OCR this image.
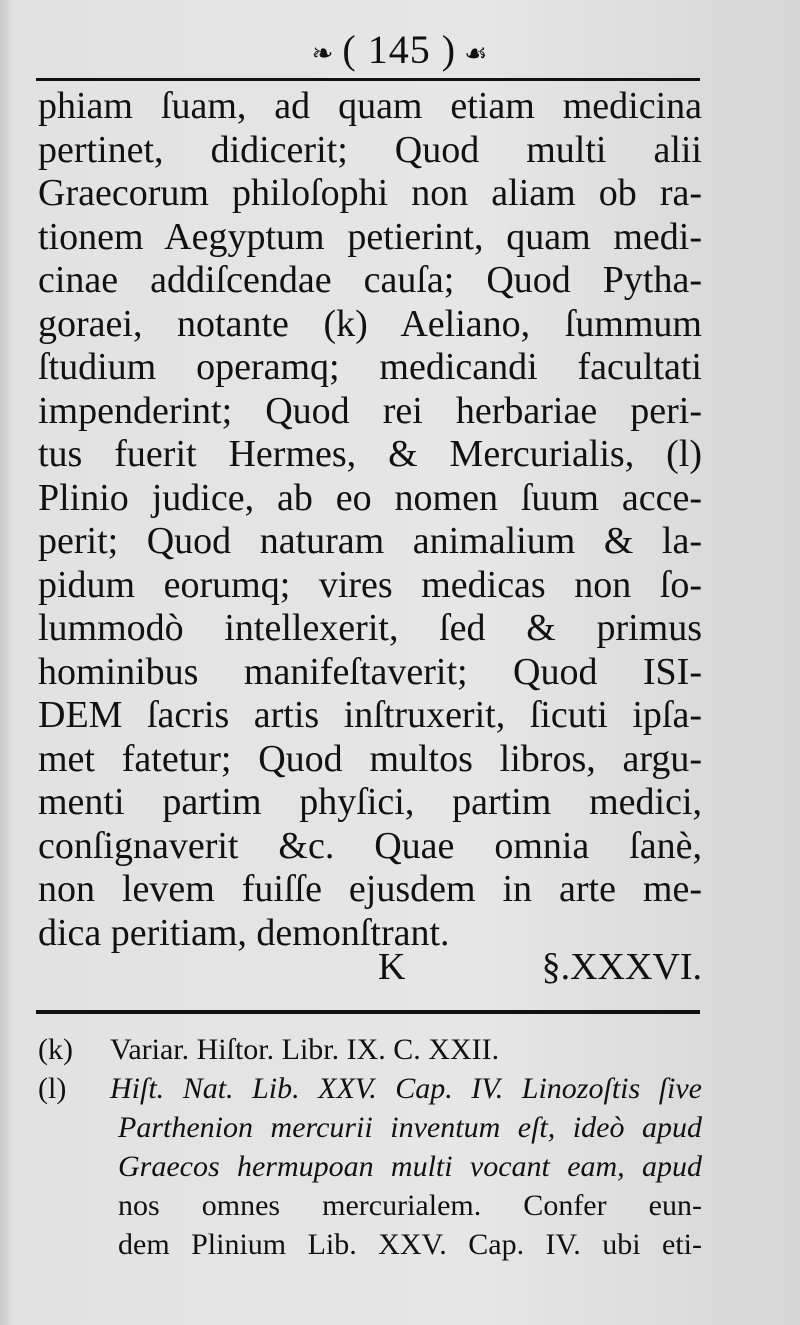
❧ ( 145 ) ☙
phiam ſuam, ad quam etiam medicina
pertinet, didicerit; Quod multi alii
Graecorum philoſophi non aliam ob ra-
tionem Aegyptum petierint, quam medi-
cinae addiſcendae cauſa; Quod Pytha-
goraei, notante (k) Aeliano, ſummum
ſtudium operamq; medicandi facultati
impenderint; Quod rei herbariae peri-
tus fuerit Hermes, & Mercurialis, (l)
Plinio judice, ab eo nomen ſuum acce-
perit; Quod naturam animalium & la-
pidum eorumq; vires medicas non ſo-
lummodò intellexerit, ſed & primus
hominibus manifeſtaverit; Quod ISI-
DEM ſacris artis inſtruxerit, ſicuti ipſa-
met fatetur; Quod multos libros, argu-
menti partim phyſici, partim medici,
conſignaverit &c. Quae omnia ſanè,
non levem fuiſſe ejusdem in arte me-
dica peritiam, demonſtrant.
K	§.XXXVI.
(k)	Variar. Hiſtor. Libr. IX. C. XXII.
(l)	Hiſt. Nat. Lib. XXV. Cap. IV. Linozoſtis ſive
Parthenion mercurii inventum eſt, ideò apud
Graecos hermupoan multi vocant eam, apud
nos omnes mercurialem. Confer eun-
dem Plinium Lib. XXV. Cap. IV. ubi eti-
